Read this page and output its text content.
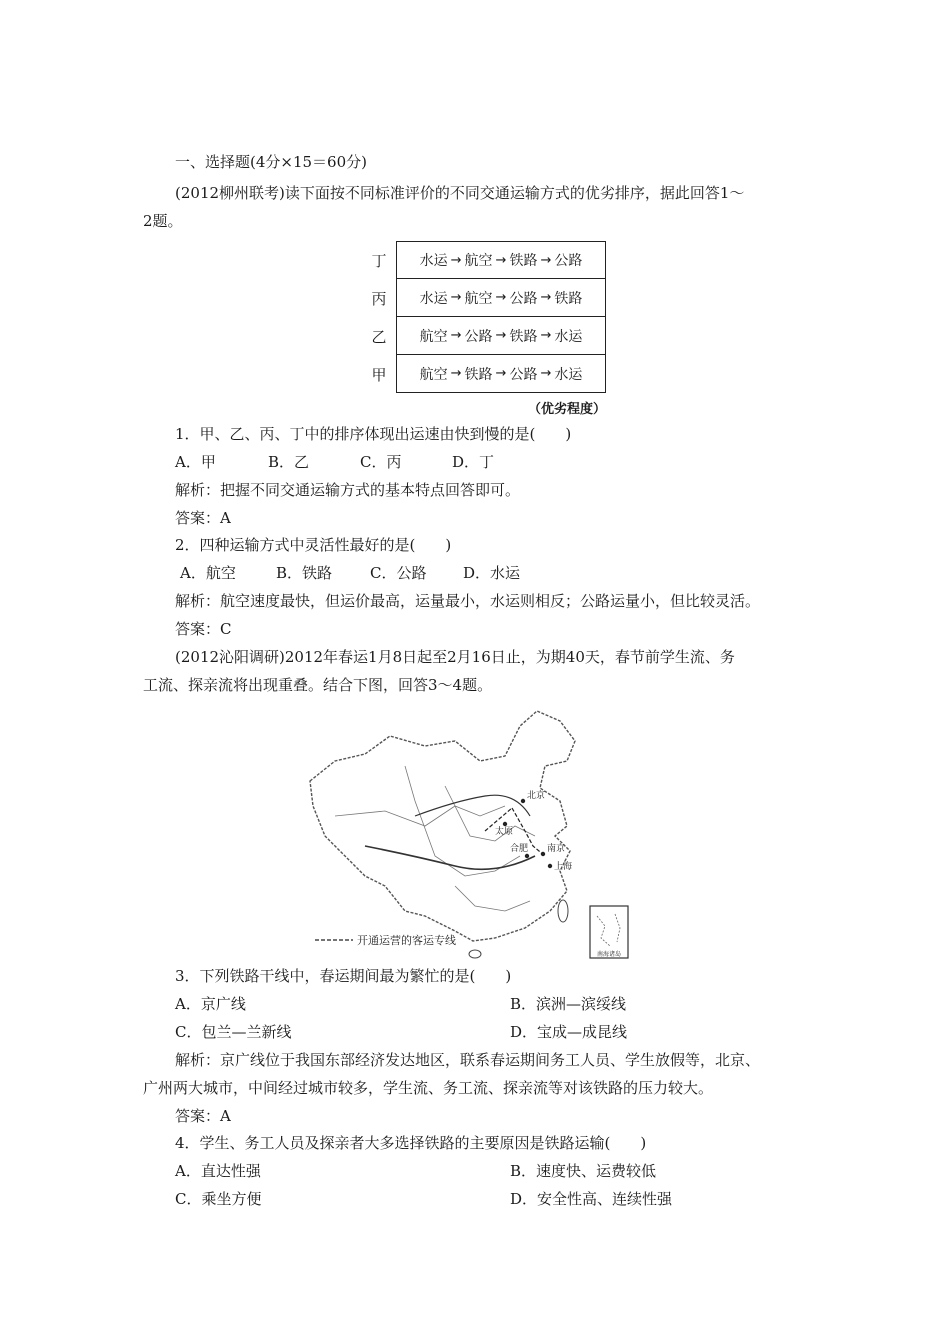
一、选择题(4分×15＝60分)
(2012柳州联考)读下面按不同标准评价的不同交通运输方式的优劣排序，据此回答1～
2题。
丁	水运 → 航空 → 铁路 → 公路
丙	水运 → 航空 → 公路 → 铁路
乙	航空 → 公路 → 铁路 → 水运
甲	航空 → 铁路 → 公路 → 水运
（优劣程度）
1．甲、乙、丙、丁中的排序体现出运速由快到慢的是(　　)
A．甲	B．乙	C．丙	D．丁
解析：把握不同交通运输方式的基本特点回答即可。
答案：A
2．四种运输方式中灵活性最好的是(　　)
A．航空	B．铁路	C．公路 D．水运
解析：航空速度最快，但运价最高，运量最小，水运则相反；公路运量小，但比较灵活。
答案：C
(2012沁阳调研)2012年春运1月8日起至2月16日止，为期40天，春节前学生流、务
工流、探亲流将出现重叠。结合下图，回答3～4题。
北京
太原
南京
上海
合肥
南海诸岛
开通运营的客运专线
3．下列铁路干线中，春运期间最为繁忙的是(　　)
A．京广线	B．滨洲—滨绥线
C．包兰—兰新线	D．宝成—成昆线
解析：京广线位于我国东部经济发达地区，联系春运期间务工人员、学生放假等，北京、
广州两大城市，中间经过城市较多，学生流、务工流、探亲流等对该铁路的压力较大。
答案：A
4．学生、务工人员及探亲者大多选择铁路的主要原因是铁路运输(　　)
A．直达性强	B．速度快、运费较低
C．乘坐方便	D．安全性高、连续性强
